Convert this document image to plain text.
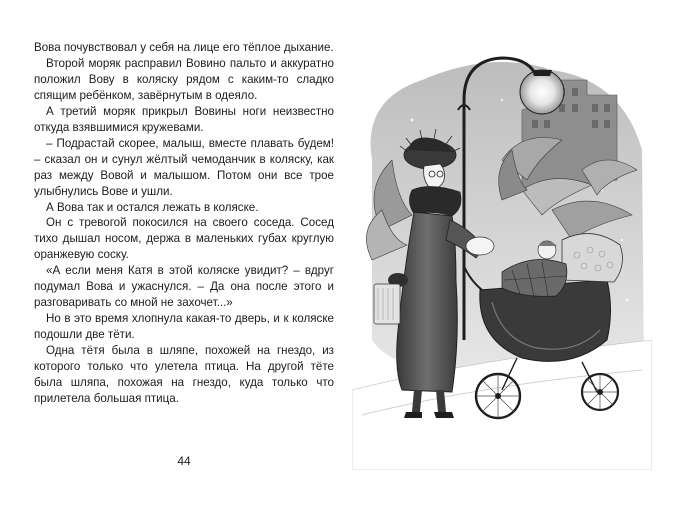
Вова почувствовал у себя на лице его тёплое дыхание.

Второй моряк расправил Вовино пальто и аккуратно положил Вову в коляску рядом с каким-то сладко спящим ребёнком, завёрнутым в одеяло.

А третий моряк прикрыл Вовины ноги неизвестно откуда взявшимися кружевами.

– Подрастай скорее, малыш, вместе плавать будем! – сказал он и сунул жёлтый чемоданчик в коляску, как раз между Вовой и малышом. Потом они все трое улыбнулись Вове и ушли.

А Вова так и остался лежать в коляске.

Он с тревогой покосился на своего соседа. Сосед тихо дышал носом, держа в маленьких губах круглую оранжевую соску.

«А если меня Катя в этой коляске увидит? – вдруг подумал Вова и ужаснулся. – Да она после этого и разговаривать со мной не захочет...»

Но в это время хлопнула какая-то дверь, и к коляске подошли две тёти.

Одна тётя была в шляпе, похожей на гнездо, из которого только что улетела птица. На другой тёте была шляпа, похожая на гнездо, куда только что прилетела большая птица.

44
